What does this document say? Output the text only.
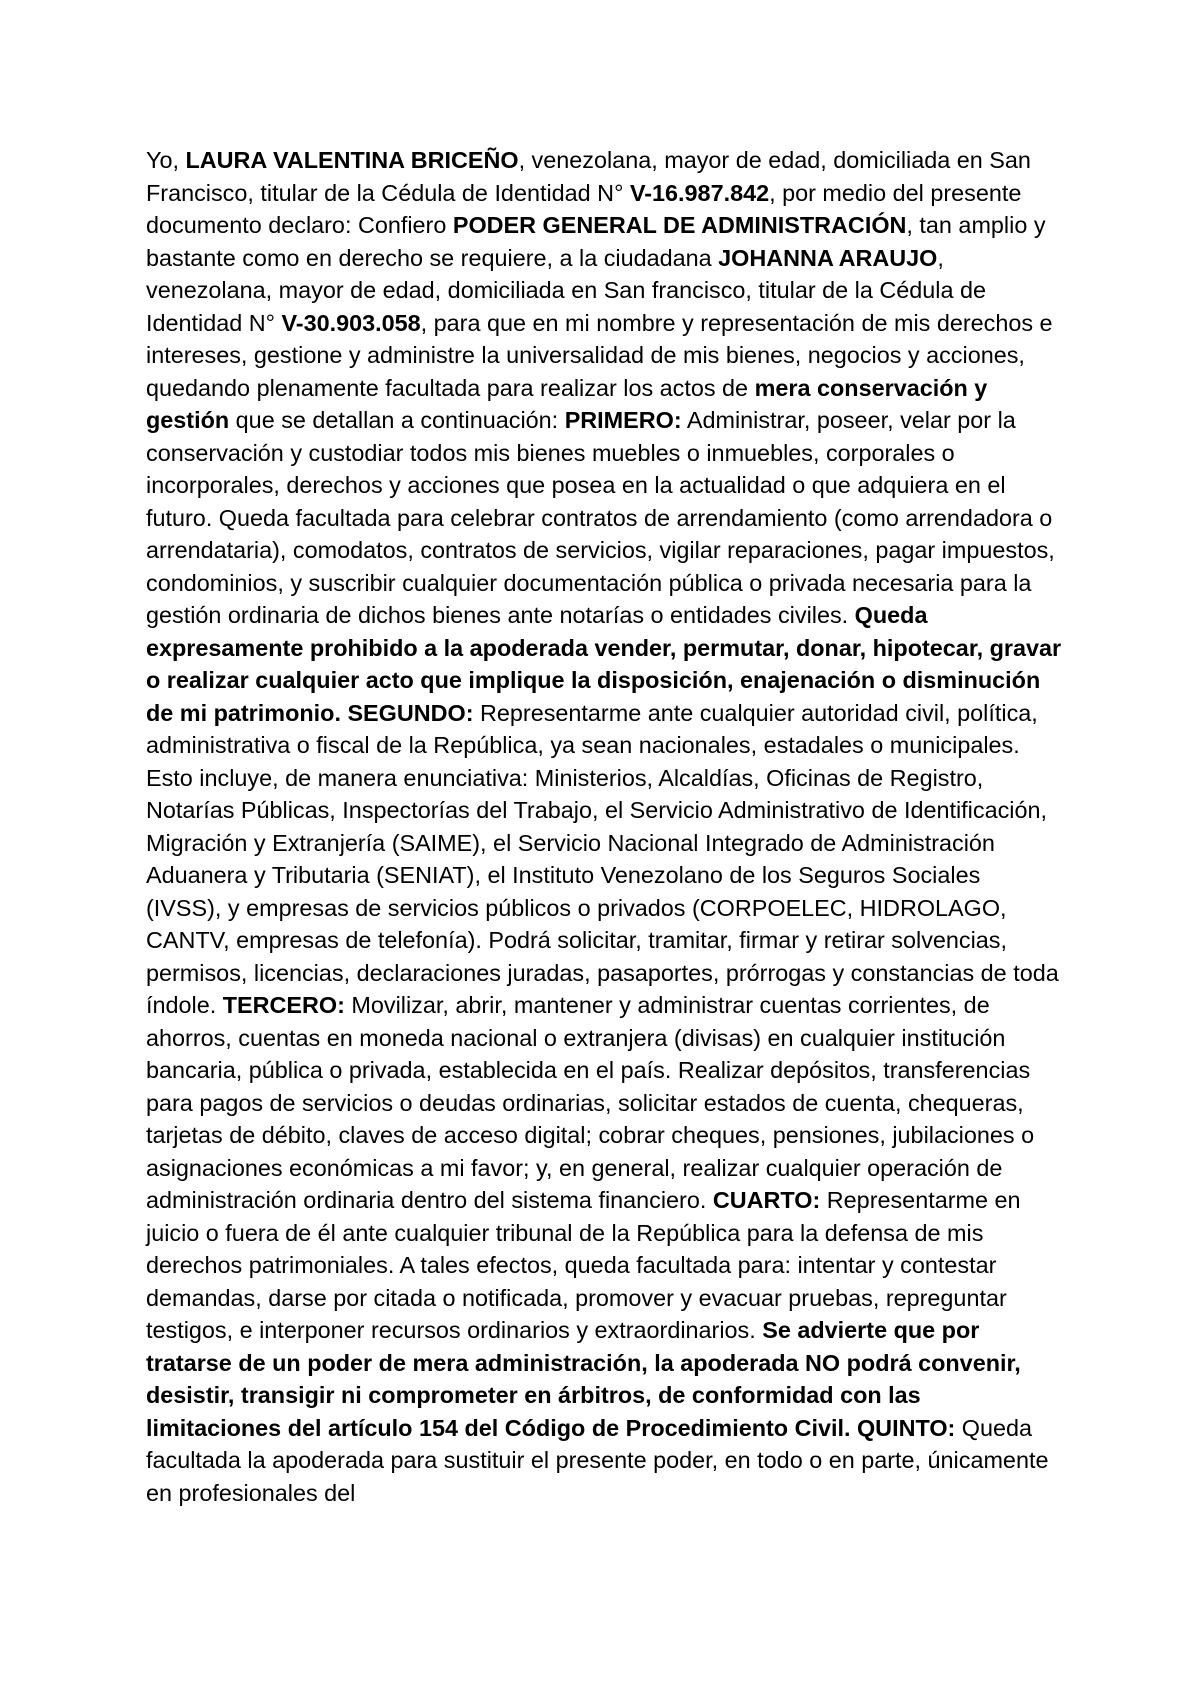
Yo, LAURA VALENTINA BRICEÑO, venezolana, mayor de edad, domiciliada en San Francisco, titular de la Cédula de Identidad N° V-16.987.842, por medio del presente documento declaro: Confiero PODER GENERAL DE ADMINISTRACIÓN, tan amplio y bastante como en derecho se requiere, a la ciudadana JOHANNA ARAUJO, venezolana, mayor de edad, domiciliada en San francisco, titular de la Cédula de Identidad N° V-30.903.058, para que en mi nombre y representación de mis derechos e intereses, gestione y administre la universalidad de mis bienes, negocios y acciones, quedando plenamente facultada para realizar los actos de mera conservación y gestión que se detallan a continuación: PRIMERO: Administrar, poseer, velar por la conservación y custodiar todos mis bienes muebles o inmuebles, corporales o incorporales, derechos y acciones que posea en la actualidad o que adquiera en el futuro. Queda facultada para celebrar contratos de arrendamiento (como arrendadora o arrendataria), comodatos, contratos de servicios, vigilar reparaciones, pagar impuestos, condominios, y suscribir cualquier documentación pública o privada necesaria para la gestión ordinaria de dichos bienes ante notarías o entidades civiles. Queda expresamente prohibido a la apoderada vender, permutar, donar, hipotecar, gravar o realizar cualquier acto que implique la disposición, enajenación o disminución de mi patrimonio. SEGUNDO: Representarme ante cualquier autoridad civil, política, administrativa o fiscal de la República, ya sean nacionales, estadales o municipales. Esto incluye, de manera enunciativa: Ministerios, Alcaldías, Oficinas de Registro, Notarías Públicas, Inspectorías del Trabajo, el Servicio Administrativo de Identificación, Migración y Extranjería (SAIME), el Servicio Nacional Integrado de Administración Aduanera y Tributaria (SENIAT), el Instituto Venezolano de los Seguros Sociales (IVSS), y empresas de servicios públicos o privados (CORPOELEC, HIDROLAGO, CANTV, empresas de telefonía). Podrá solicitar, tramitar, firmar y retirar solvencias, permisos, licencias, declaraciones juradas, pasaportes, prórrogas y constancias de toda índole. TERCERO: Movilizar, abrir, mantener y administrar cuentas corrientes, de ahorros, cuentas en moneda nacional o extranjera (divisas) en cualquier institución bancaria, pública o privada, establecida en el país. Realizar depósitos, transferencias para pagos de servicios o deudas ordinarias, solicitar estados de cuenta, chequeras, tarjetas de débito, claves de acceso digital; cobrar cheques, pensiones, jubilaciones o asignaciones económicas a mi favor; y, en general, realizar cualquier operación de administración ordinaria dentro del sistema financiero. CUARTO: Representarme en juicio o fuera de él ante cualquier tribunal de la República para la defensa de mis derechos patrimoniales. A tales efectos, queda facultada para: intentar y contestar demandas, darse por citada o notificada, promover y evacuar pruebas, repreguntar testigos, e interponer recursos ordinarios y extraordinarios. Se advierte que por tratarse de un poder de mera administración, la apoderada NO podrá convenir, desistir, transigir ni comprometer en árbitros, de conformidad con las limitaciones del artículo 154 del Código de Procedimiento Civil. QUINTO: Queda facultada la apoderada para sustituir el presente poder, en todo o en parte, únicamente en profesionales del
